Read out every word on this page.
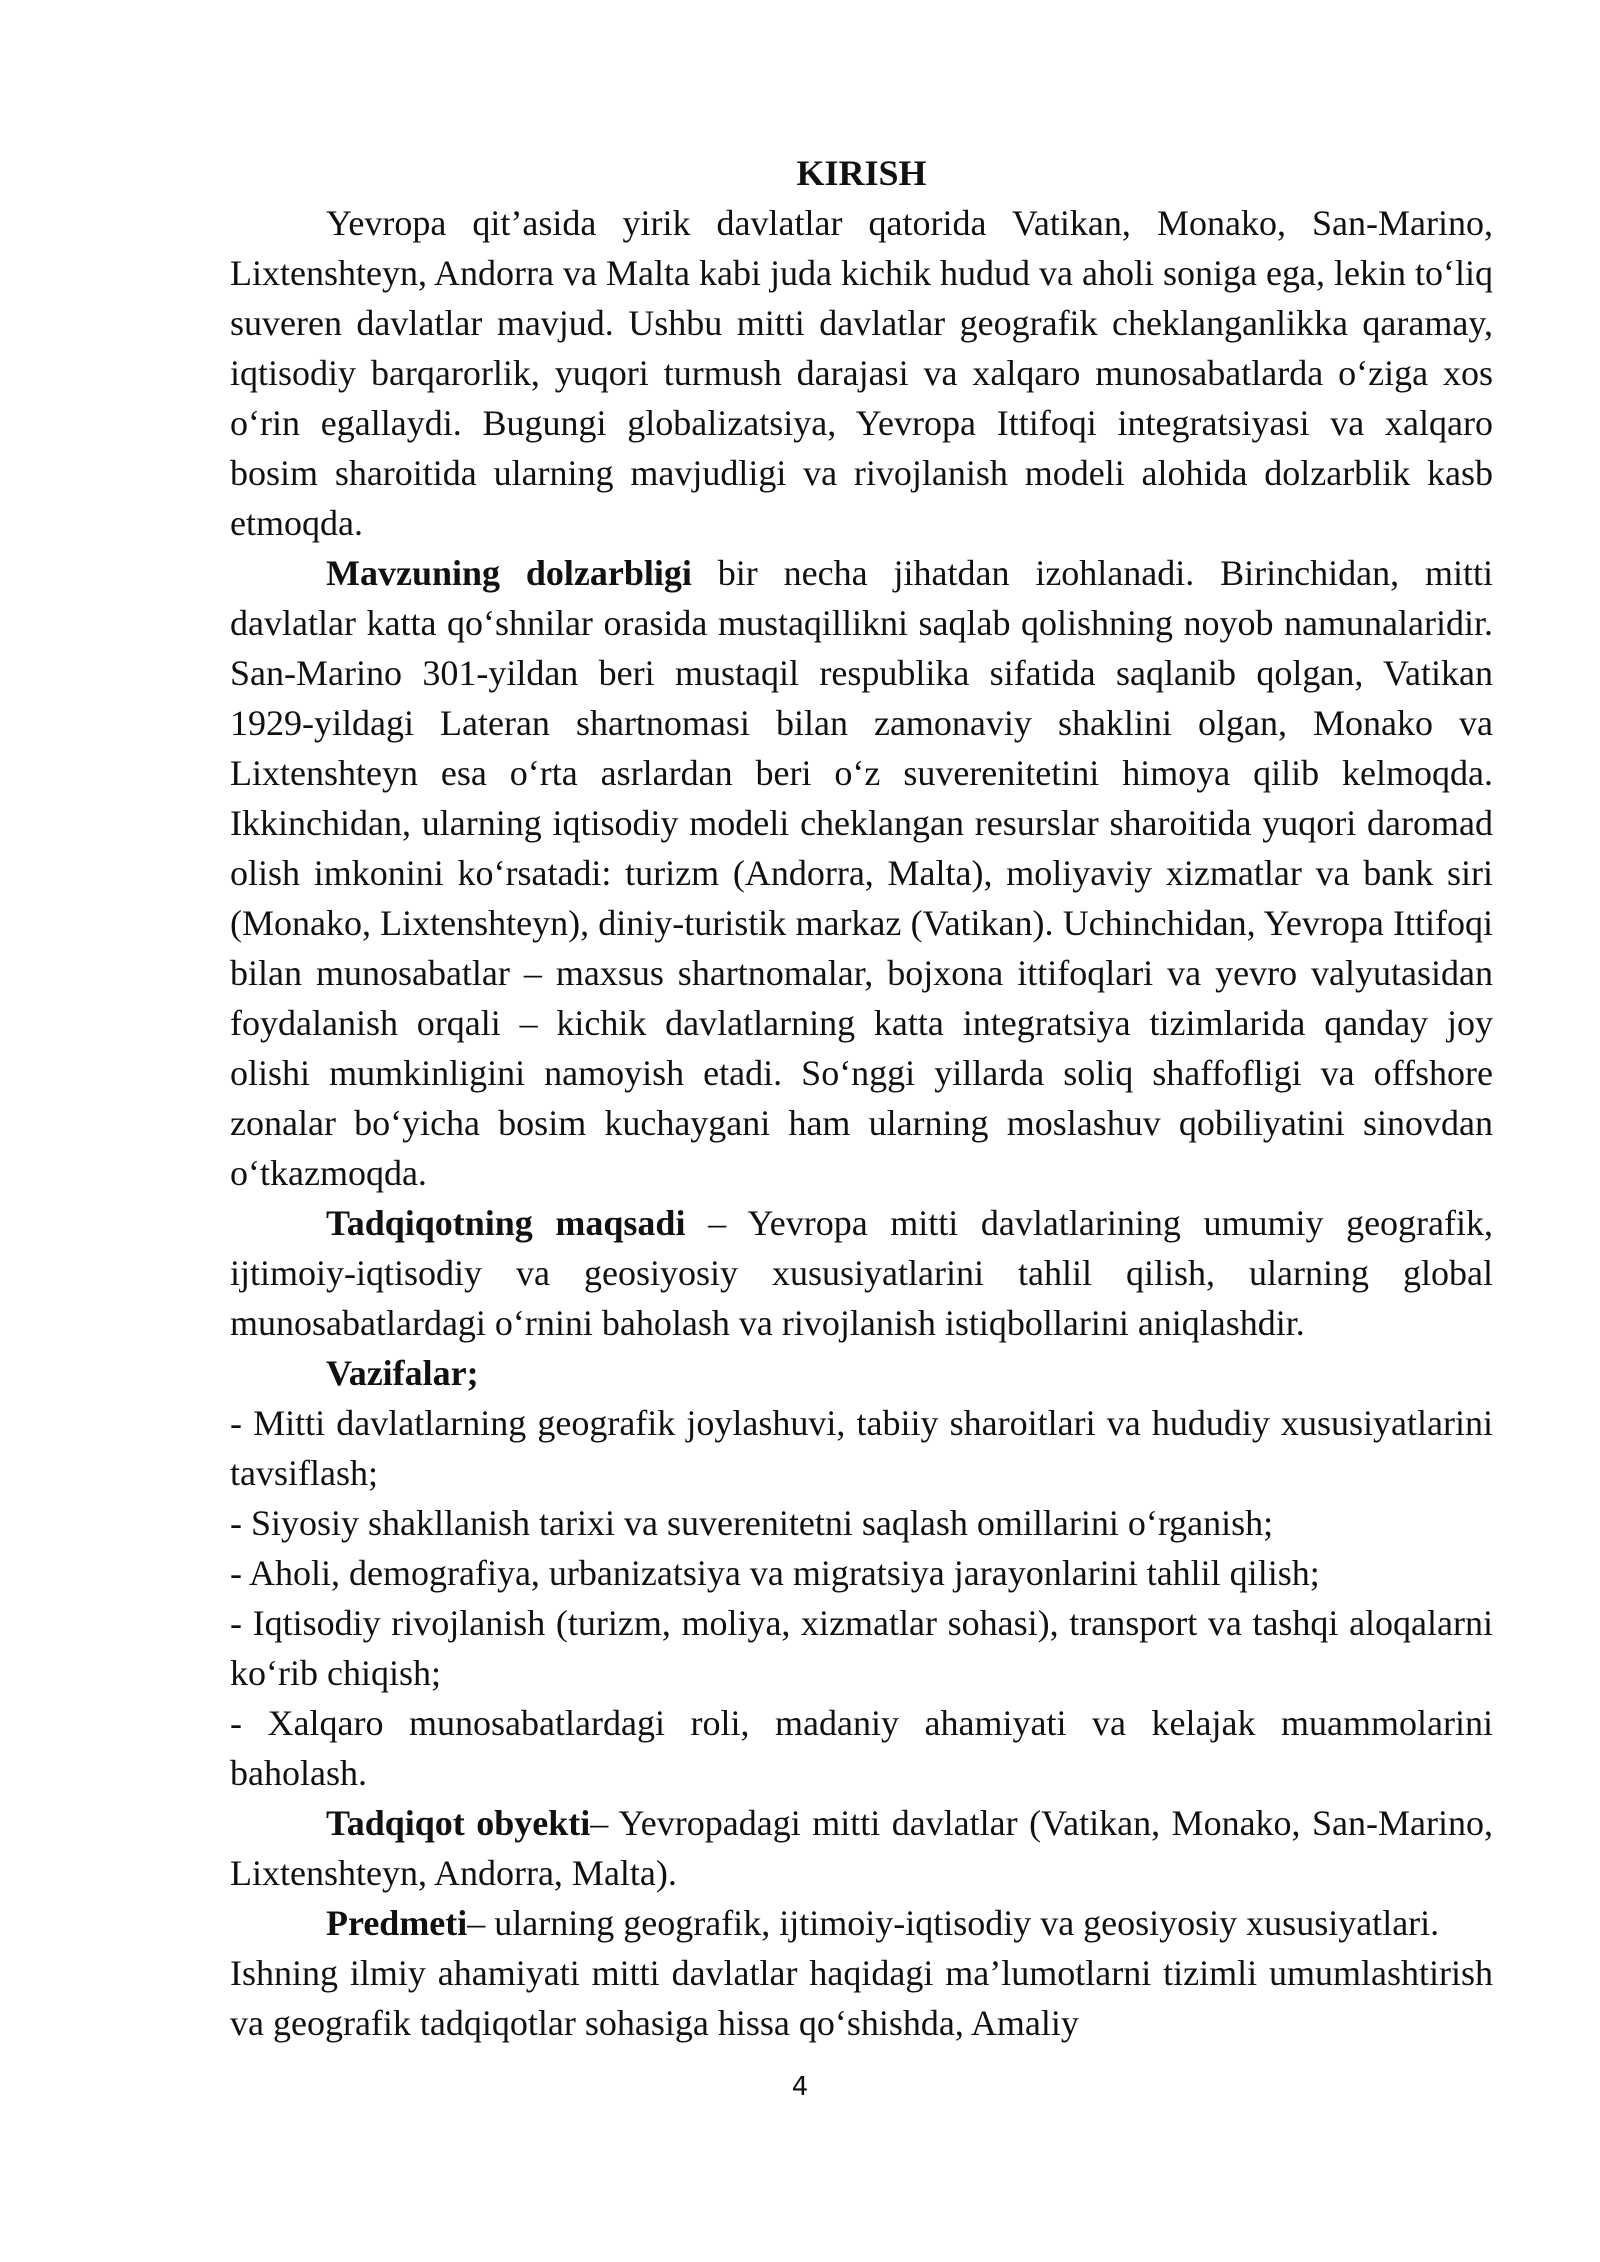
KIRISH

Yevropa qit’asida yirik davlatlar qatorida Vatikan, Monako, San-Marino, Lixtenshteyn, Andorra va Malta kabi juda kichik hudud va aholi soniga ega, lekin to‘liq suveren davlatlar mavjud. Ushbu mitti davlatlar geografik cheklanganlikka qaramay, iqtisodiy barqarorlik, yuqori turmush darajasi va xalqaro munosabatlarda o‘ziga xos o‘rin egallaydi. Bugungi globalizatsiya, Yevropa Ittifoqi integratsiyasi va xalqaro bosim sharoitida ularning mavjudligi va rivojlanish modeli alohida dolzarblik kasb etmoqda.

Mavzuning dolzarbligi bir necha jihatdan izohlanadi. Birinchidan, mitti davlatlar katta qo‘shnilar orasida mustaqillikni saqlab qolishning noyob namunalaridir. San-Marino 301-yildan beri mustaqil respublika sifatida saqlanib qolgan, Vatikan 1929-yildagi Lateran shartnomasi bilan zamonaviy shaklini olgan, Monako va Lixtenshteyn esa o‘rta asrlardan beri o‘z suverenitetini himoya qilib kelmoqda. Ikkinchidan, ularning iqtisodiy modeli cheklangan resurslar sharoitida yuqori daromad olish imkonini ko‘rsatadi: turizm (Andorra, Malta), moliyaviy xizmatlar va bank siri (Monako, Lixtenshteyn), diniy-turistik markaz (Vatikan). Uchinchidan, Yevropa Ittifoqi bilan munosabatlar – maxsus shartnomalar, bojxona ittifoqlari va yevro valyutasidan foydalanish orqali – kichik davlatlarning katta integratsiya tizimlarida qanday joy olishi mumkinligini namoyish etadi. So‘nggi yillarda soliq shaffofligi va offshore zonalar bo‘yicha bosim kuchaygani ham ularning moslashuv qobiliyatini sinovdan o‘tkazmoqda.

Tadqiqotning maqsadi – Yevropa mitti davlatlarining umumiy geografik, ijtimoiy-iqtisodiy va geosiyosiy xususiyatlarini tahlil qilish, ularning global munosabatlardagi o‘rnini baholash va rivojlanish istiqbollarini aniqlashdir.

Vazifalar;

- Mitti davlatlarning geografik joylashuvi, tabiiy sharoitlari va hududiy xususiyatlarini tavsiflash;

- Siyosiy shakllanish tarixi va suverenitetni saqlash omillarini o‘rganish;

- Aholi, demografiya, urbanizatsiya va migratsiya jarayonlarini tahlil qilish;

- Iqtisodiy rivojlanish (turizm, moliya, xizmatlar sohasi), transport va tashqi aloqalarni ko‘rib chiqish;

- Xalqaro munosabatlardagi roli, madaniy ahamiyati va kelajak muammolarini baholash.

Tadqiqot obyekti– Yevropadagi mitti davlatlar (Vatikan, Monako, San-Marino, Lixtenshteyn, Andorra, Malta).

Predmeti– ularning geografik, ijtimoiy-iqtisodiy va geosiyosiy xususiyatlari.

Ishning ilmiy ahamiyati mitti davlatlar haqidagi ma’lumotlarni tizimli umumlashtirish va geografik tadqiqotlar sohasiga hissa qo‘shishda, Amaliy

4
